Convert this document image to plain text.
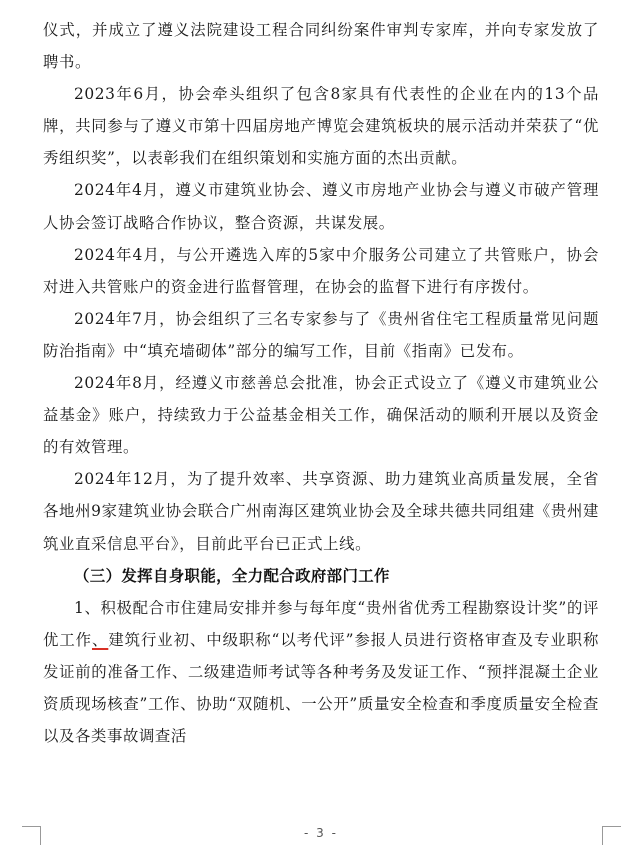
仪式，并成立了遵义法院建设工程合同纠纷案件审判专家库，并向专家发放了聘书。

2023年6月，协会牵头组织了包含8家具有代表性的企业在内的13个品牌，共同参与了遵义市第十四届房地产博览会建筑板块的展示活动并荣获了“优秀组织奖”，以表彰我们在组织策划和实施方面的杰出贡献。

2024年4月，遵义市建筑业协会、遵义市房地产业协会与遵义市破产管理人协会签订战略合作协议，整合资源，共谋发展。

2024年4月，与公开遴选入库的5家中介服务公司建立了共管账户，协会对进入共管账户的资金进行监督管理，在协会的监督下进行有序拨付。

2024年7月，协会组织了三名专家参与了《贵州省住宅工程质量常见问题防治指南》中“填充墙砌体”部分的编写工作，目前《指南》已发布。

2024年8月，经遵义市慈善总会批准，协会正式设立了《遵义市建筑业公益基金》账户，持续致力于公益基金相关工作，确保活动的顺利开展以及资金的有效管理。

2024年12月，为了提升效率、共享资源、助力建筑业高质量发展，全省各地州9家建筑业协会联合广州南海区建筑业协会及全球共德共同组建《贵州建筑业直采信息平台》，目前此平台已正式上线。

（三）发挥自身职能，全力配合政府部门工作

1、积极配合市住建局安排并参与每年度“贵州省优秀工程勘察设计奖”的评优工作、建筑行业初、中级职称“以考代评”参报人员进行资格审查及专业职称发证前的准备工作、二级建造师考试等各种考务及发证工作、“预拌混凝土企业资质现场核查”工作、协助“双随机、一公开”质量安全检查和季度质量安全检查以及各类事故调查活

- 3 -
